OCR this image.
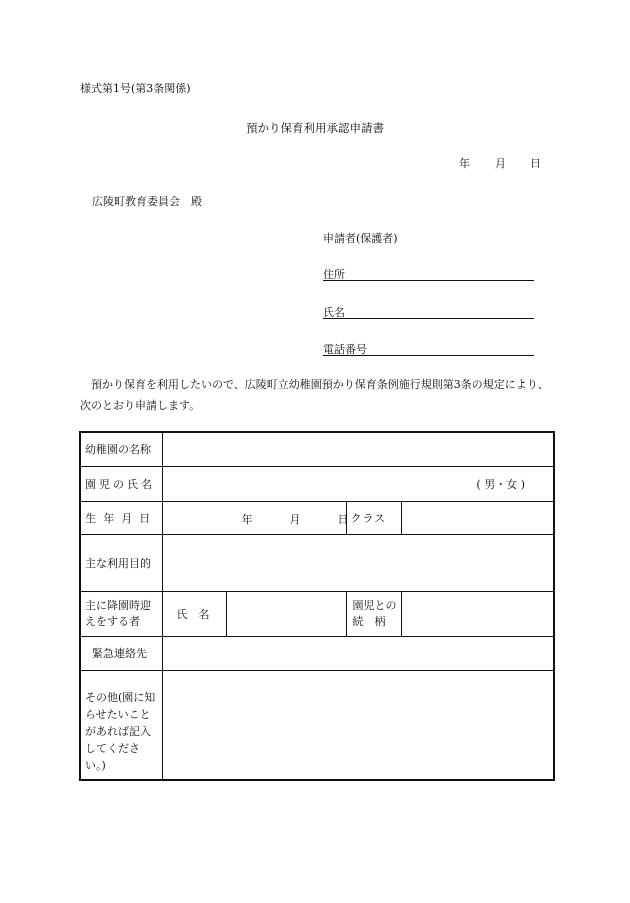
様式第1号(第3条関係)
預かり保育利用承認申請書
年 月 日
広陵町教育委員会　殿
申請者(保護者)
住所
氏名
電話番号
預かり保育を利用したいので、広陵町立幼稚園預かり保育条例施行規則第3条の規定により、次のとおり申請します。
幼稚園の名称				
園児の氏名	( 男・女 )			
生年月日	年 月 日		クラス	
主な利用目的				
主に降園時迎えをする者	氏　名		園児との続　柄	
緊急連絡先				
その他(園に知らせたいことがあれば記入してください。)				
